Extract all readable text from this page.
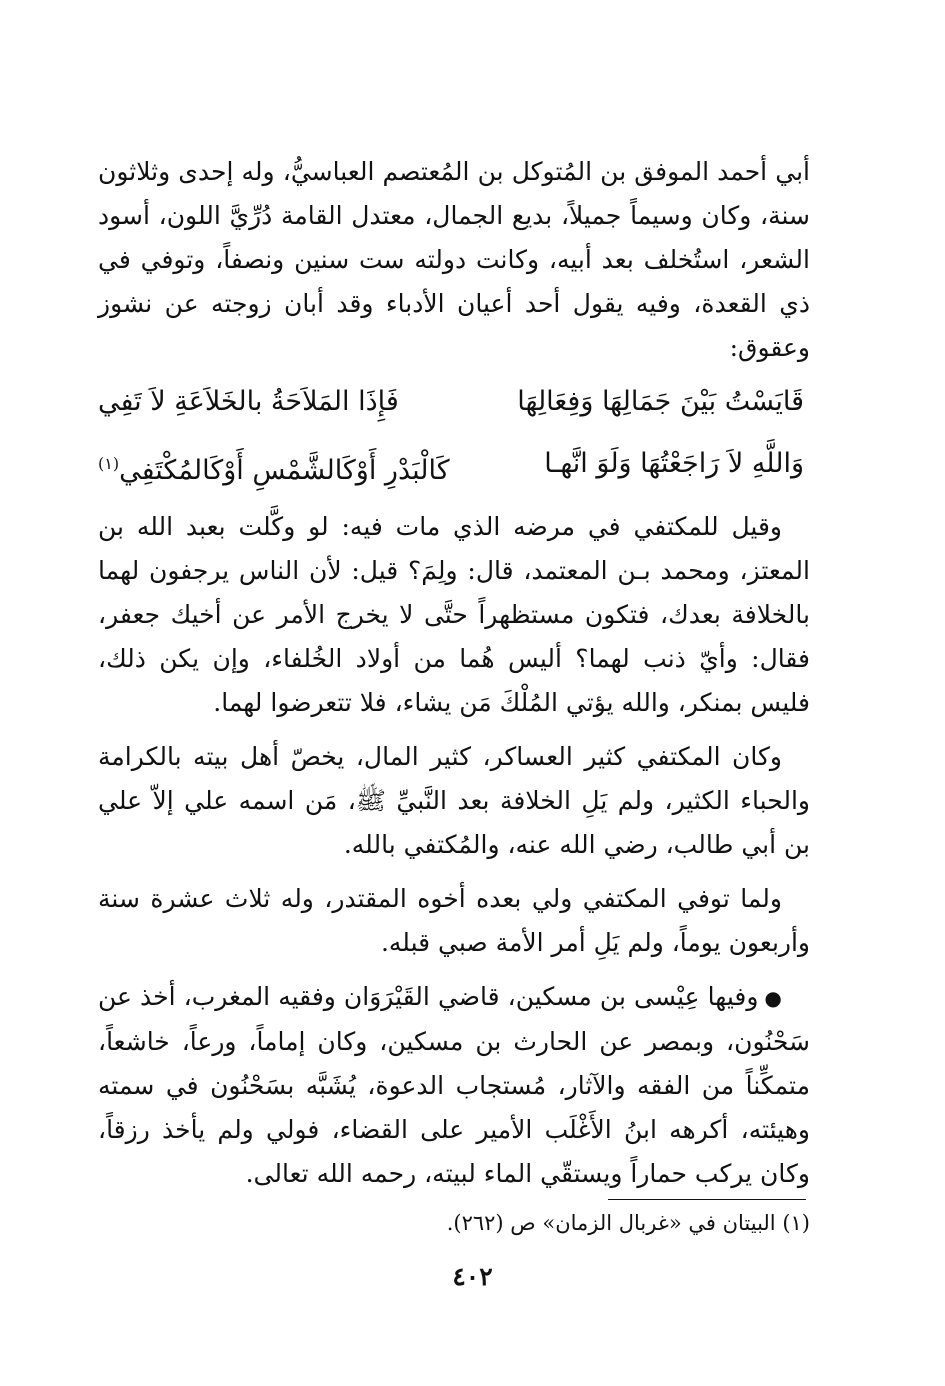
أبي أحمد الموفق بن المُتوكل بن المُعتصم العباسيُّ، وله إحدى وثلاثون سنة، وكان وسيماً جميلاً، بديع الجمال، معتدل القامة دُرِّيَّ اللون، أسود الشعر، استُخلف بعد أبيه، وكانت دولته ست سنين ونصفاً، وتوفي في ذي القعدة، وفيه يقول أحد أعيان الأدباء وقد أبان زوجته عن نشوز وعقوق:

قَايَسْتُ بَيْنَ جَمَالِهَا وَفِعَالِهَا
فَإِذَا المَلاَحَةُ بالخَلاَعَةِ لاَ تَفِي
وَاللَّهِ لاَ رَاجَعْتُهَا وَلَوَ انَّهـا
كَالْبَدْرِ أَوْكَالشَّمْسِ أَوْكَالمُكْتَفِي$^{(١)}$

وقيل للمكتفي في مرضه الذي مات فيه: لو وكَّلت بعبد الله بن المعتز، ومحمد بـن المعتمد، قال: ولِمَ؟ قيل: لأن الناس يرجفون لهما بالخلافة بعدك، فتكون مستظهراً حتَّى لا يخرج الأمر عن أخيك جعفر، فقال: وأيّ ذنب لهما؟ أليس هُما من أولاد الخُلفاء، وإن يكن ذلك، فليس بمنكر، والله يؤتي المُلْكَ مَن يشاء، فلا تتعرضوا لهما.

وكان المكتفي كثير العساكر، كثير المال، يخصّ أهل بيته بالكرامة والحباء الكثير، ولم يَلِ الخلافة بعد النَّبيِّ ﷺ، مَن اسمه علي إلاّ علي بن أبي طالب، رضي الله عنه، والمُكتفي بالله.

ولما توفي المكتفي ولي بعده أخوه المقتدر، وله ثلاث عشرة سنة وأربعون يوماً، ولم يَلِ أمر الأمة صبي قبله.

●وفيها عِيْسى بن مسكين، قاضي القَيْرَوَان وفقيه المغرب، أخذ عن سَحْنُون، وبمصر عن الحارث بن مسكين، وكان إماماً، ورعاً، خاشعاً، متمكِّناً من الفقه والآثار، مُستجاب الدعوة، يُشَبَّه بسَحْنُون في سمته وهيئته، أكرهه ابنُ الأَغْلَب الأمير على القضاء، فولي ولم يأخذ رزقاً، وكان يركب حماراً ويستقّي الماء لبيته، رحمه الله تعالى.

(١) البيتان في «غربال الزمان» ص (٢٦٢).
٤٠٢
